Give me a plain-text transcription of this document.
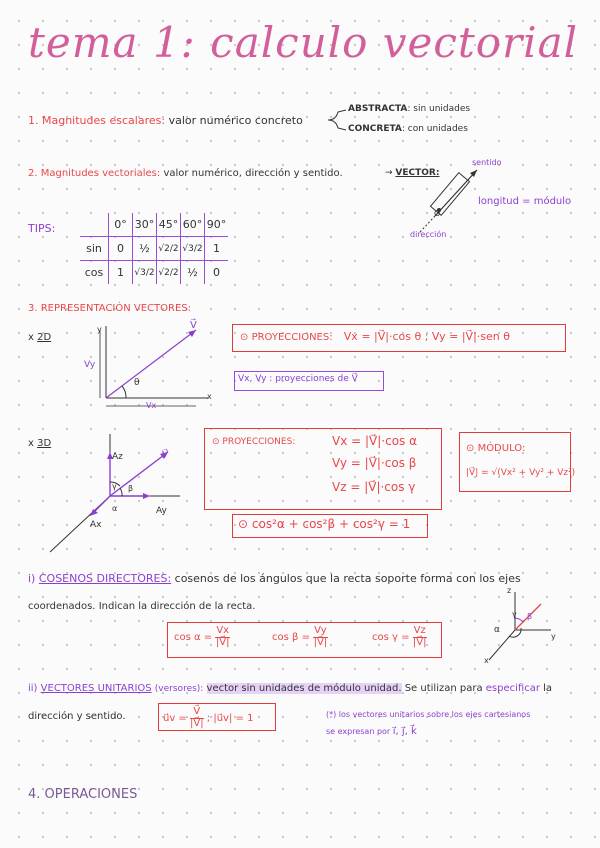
tema 1: calculo vectorial
1. Magnitudes escalares: valor numérico concreto
ABSTRACTA: sin unidades
CONCRETA: con unidades
2. Magnitudes vectoriales: valor numérico, dirección y sentido.	→ VECTOR:
sentido
longitud = módulo
dirección
O
TIPS:
		0°	30°	45°	60°	90°
sin	0	½	√2/2	√3/2	1
cos	1	√3/2	√2/2	½	0
3. REPRESENTACIÓN VECTORES:
x 2D
y
x
V⃗
Vy
Vx
θ
⊙ PROYECCIONES: Vx = |V⃗|·cos θ ; Vy = |V⃗|·sen θ
Vx, Vy : proyecciones de V⃗
x 3D
Az
Ax
Ay
V⃗
γ β
α
⊙ PROYECCIONES:	Vx = |V⃗|·cos α
Vy = |V⃗|·cos β
Vz = |V⃗|·cos γ
⊙ MÓDULO:
|V⃗| = √(Vx² + Vy² + Vz²)
⊙ cos²α + cos²β + cos²γ = 1
i) COSENOS DIRECTORES: cosenos de los ángulos que la recta soporte forma con los ejes
coordenados. Indican la dirección de la recta.
$\cos \alpha = \frac{Vx}{|V⃗|}$	$\cos \beta = \frac{Vy}{|V⃗|}$	$\cos \gamma = \frac{Vz}{|V⃗|}$
z
y
x
α
β
γ
ii) VECTORES UNITARIOS (versores): vector sin unidades de módulo unidad. Se utilizan para especificar la
dirección y sentido.	u⃗v = $\frac{V⃗}{|V⃗|}$ ; |u⃗v| = 1	(*) los vectores unitarios sobre los ejes cartesianos
se expresan por i⃗, j⃗, k⃗
4. OPERACIONES
